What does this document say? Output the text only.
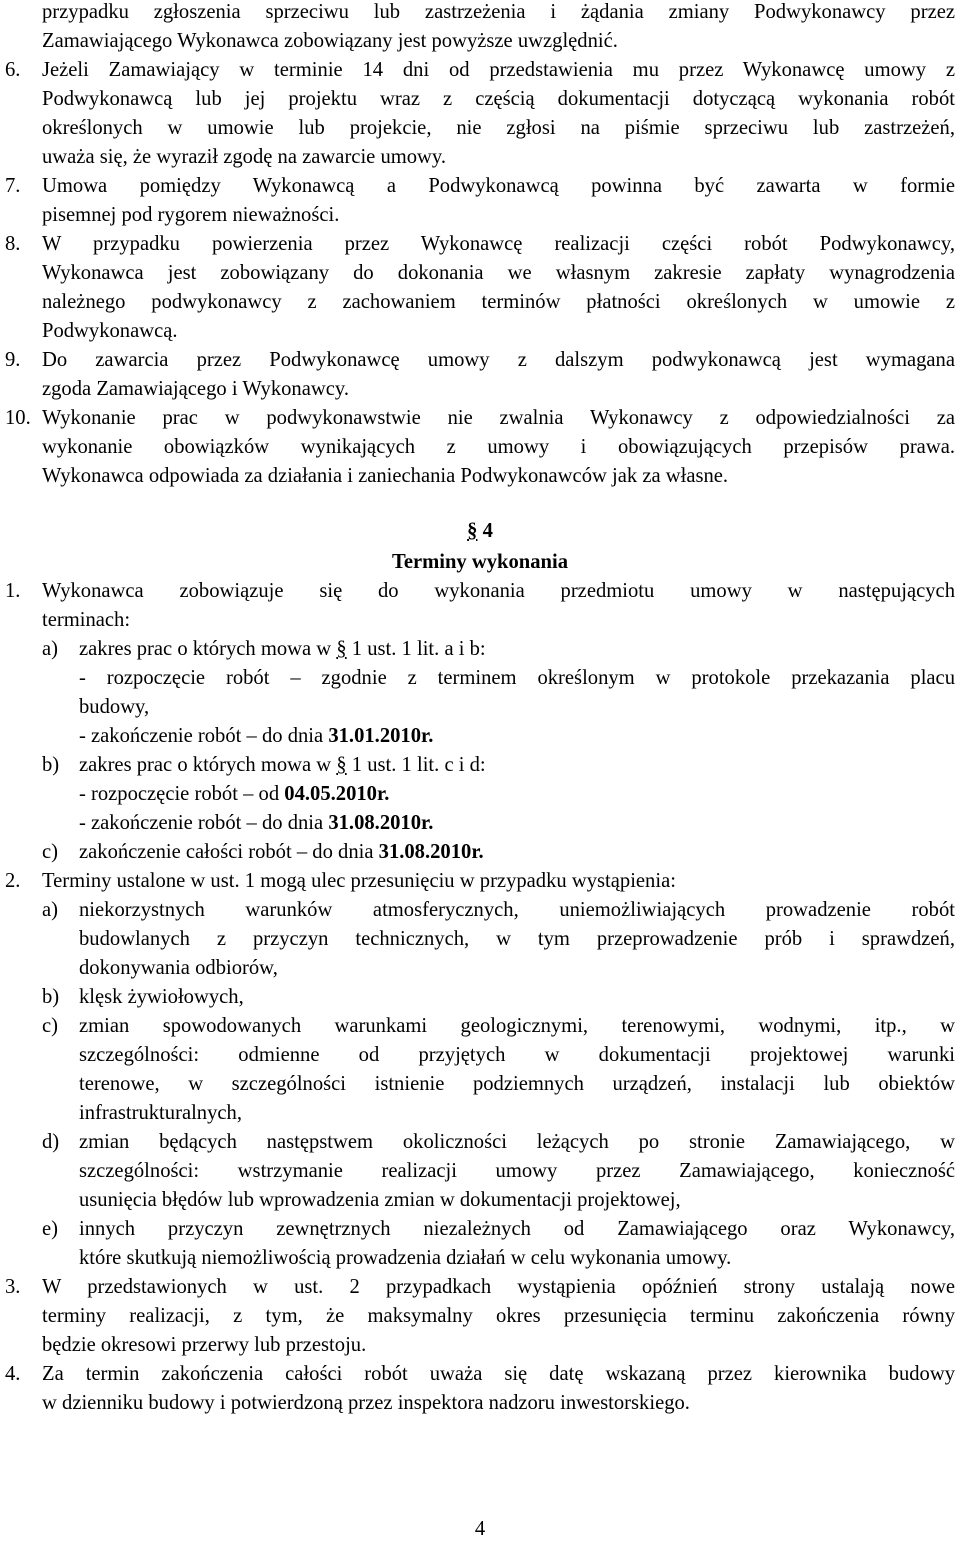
przypadku zgłoszenia sprzeciwu lub zastrzeżenia i żądania zmiany Podwykonawcy przez
Zamawiającego Wykonawca zobowiązany jest powyższe uwzględnić.
6. Jeżeli Zamawiający w terminie 14 dni od przedstawienia mu przez Wykonawcę umowy z
Podwykonawcą lub jej projektu wraz z częścią dokumentacji dotyczącą wykonania robót
określonych w umowie lub projekcie, nie zgłosi na piśmie sprzeciwu lub zastrzeżeń,
uważa się, że wyraził zgodę na zawarcie umowy.
7. Umowa pomiędzy Wykonawcą a Podwykonawcą powinna być zawarta w formie
pisemnej pod rygorem nieważności.
8. W przypadku powierzenia przez Wykonawcę realizacji części robót Podwykonawcy,
Wykonawca jest zobowiązany do dokonania we własnym zakresie zapłaty wynagrodzenia
należnego podwykonawcy z zachowaniem terminów płatności określonych w umowie z
Podwykonawcą.
9. Do zawarcia przez Podwykonawcę umowy z dalszym podwykonawcą jest wymagana
zgoda Zamawiającego i Wykonawcy.
10. Wykonanie prac w podwykonawstwie nie zwalnia Wykonawcy z odpowiedzialności za
wykonanie obowiązków wynikających z umowy i obowiązujących przepisów prawa.
Wykonawca odpowiada za działania i zaniechania Podwykonawców jak za własne.
§ 4
Terminy wykonania
1. Wykonawca zobowiązuje się do wykonania przedmiotu umowy w następujących
terminach:
a) zakres prac o których mowa w § 1 ust. 1 lit. a i b:
- rozpoczęcie robót – zgodnie z terminem określonym w protokole przekazania placu
budowy,
- zakończenie robót – do dnia 31.01.2010r.
b) zakres prac o których mowa w § 1 ust. 1 lit. c i d:
- rozpoczęcie robót – od 04.05.2010r.
- zakończenie robót – do dnia 31.08.2010r.
c) zakończenie całości robót – do dnia 31.08.2010r.
2. Terminy ustalone w ust. 1 mogą ulec przesunięciu w przypadku wystąpienia:
a) niekorzystnych warunków atmosferycznych, uniemożliwiających prowadzenie robót
budowlanych z przyczyn technicznych, w tym przeprowadzenie prób i sprawdzeń,
dokonywania odbiorów,
b) klęsk żywiołowych,
c) zmian spowodowanych warunkami geologicznymi, terenowymi, wodnymi, itp., w
szczególności: odmienne od przyjętych w dokumentacji projektowej warunki
terenowe, w szczególności istnienie podziemnych urządzeń, instalacji lub obiektów
infrastrukturalnych,
d) zmian będących następstwem okoliczności leżących po stronie Zamawiającego, w
szczególności: wstrzymanie realizacji umowy przez Zamawiającego, konieczność
usunięcia błędów lub wprowadzenia zmian w dokumentacji projektowej,
e) innych przyczyn zewnętrznych niezależnych od Zamawiającego oraz Wykonawcy,
które skutkują niemożliwością prowadzenia działań w celu wykonania umowy.
3. W przedstawionych w ust. 2 przypadkach wystąpienia opóźnień strony ustalają nowe
terminy realizacji, z tym, że maksymalny okres przesunięcia terminu zakończenia równy
będzie okresowi przerwy lub przestoju.
4. Za termin zakończenia całości robót uważa się datę wskazaną przez kierownika budowy
w dzienniku budowy i potwierdzoną przez inspektora nadzoru inwestorskiego.
4
